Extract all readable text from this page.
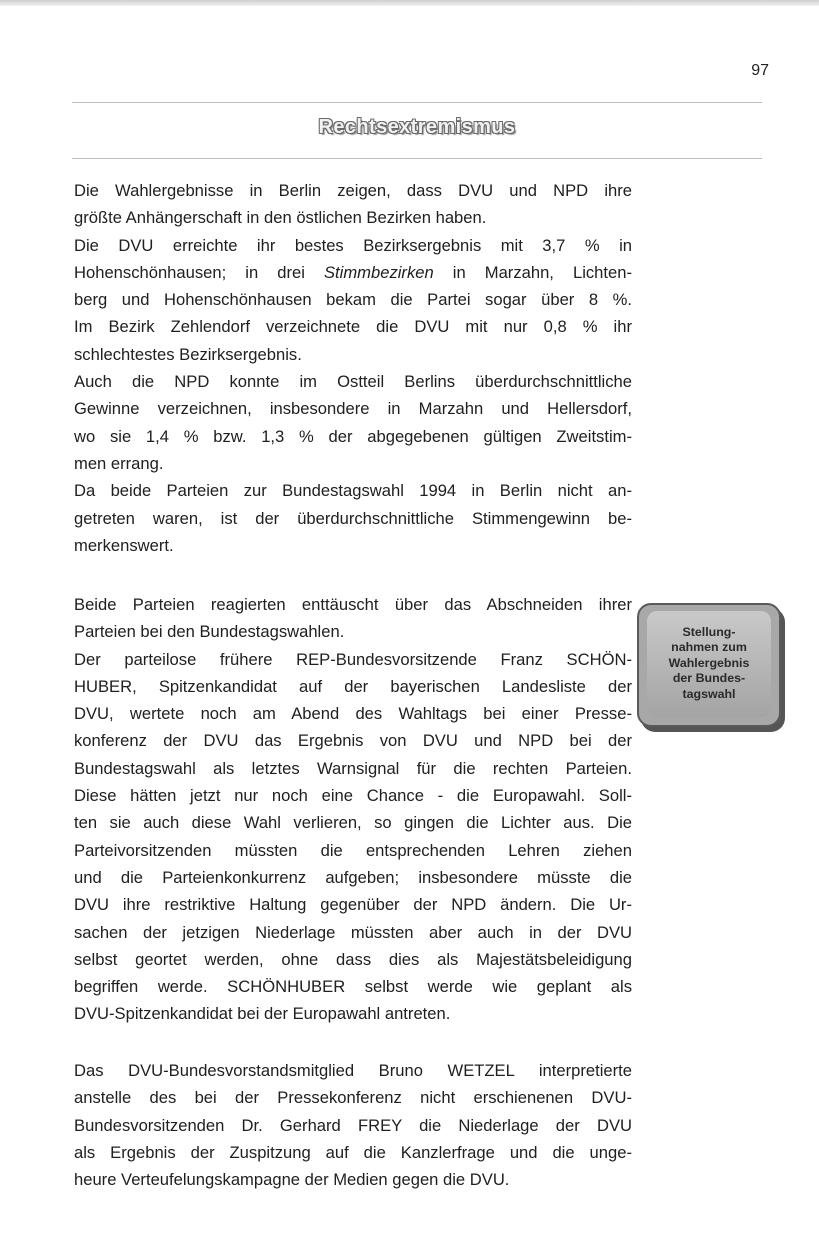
97
Rechtsextremismus
Die Wahlergebnisse in Berlin zeigen, dass DVU und NPD ihre
größte Anhängerschaft in den östlichen Bezirken haben.
Die DVU erreichte ihr bestes Bezirksergebnis mit 3,7 % in
Hohenschönhausen; in drei Stimmbezirken in Marzahn, Lichten-
berg und Hohenschönhausen bekam die Partei sogar über 8 %.
Im Bezirk Zehlendorf verzeichnete die DVU mit nur 0,8 % ihr
schlechtestes Bezirksergebnis.
Auch die NPD konnte im Ostteil Berlins überdurchschnittliche
Gewinne verzeichnen, insbesondere in Marzahn und Hellersdorf,
wo sie 1,4 % bzw. 1,3 % der abgegebenen gültigen Zweitstim-
men errang.
Da beide Parteien zur Bundestagswahl 1994 in Berlin nicht an-
getreten waren, ist der überdurchschnittliche Stimmengewinn be-
merkenswert.
Beide Parteien reagierten enttäuscht über das Abschneiden ihrer
Parteien bei den Bundestagswahlen.
Der parteilose frühere REP-Bundesvorsitzende Franz SCHÖN-
HUBER, Spitzenkandidat auf der bayerischen Landesliste der
DVU, wertete noch am Abend des Wahltags bei einer Presse-
konferenz der DVU das Ergebnis von DVU und NPD bei der
Bundestagswahl als letztes Warnsignal für die rechten Parteien.
Diese hätten jetzt nur noch eine Chance - die Europawahl. Soll-
ten sie auch diese Wahl verlieren, so gingen die Lichter aus. Die
Parteivorsitzenden müssten die entsprechenden Lehren ziehen
und die Parteienkonkurrenz aufgeben; insbesondere müsste die
DVU ihre restriktive Haltung gegenüber der NPD ändern. Die Ur-
sachen der jetzigen Niederlage müssten aber auch in der DVU
selbst geortet werden, ohne dass dies als Majestätsbeleidigung
begriffen werde. SCHÖNHUBER selbst werde wie geplant als
DVU-Spitzenkandidat bei der Europawahl antreten.
Das DVU-Bundesvorstandsmitglied Bruno WETZEL interpretierte
anstelle des bei der Pressekonferenz nicht erschienenen DVU-
Bundesvorsitzenden Dr. Gerhard FREY die Niederlage der DVU
als Ergebnis der Zuspitzung auf die Kanzlerfrage und die unge-
heure Verteufelungskampagne der Medien gegen die DVU.
Stellung-
nahmen zum
Wahlergebnis
der Bundes-
tagswahl
